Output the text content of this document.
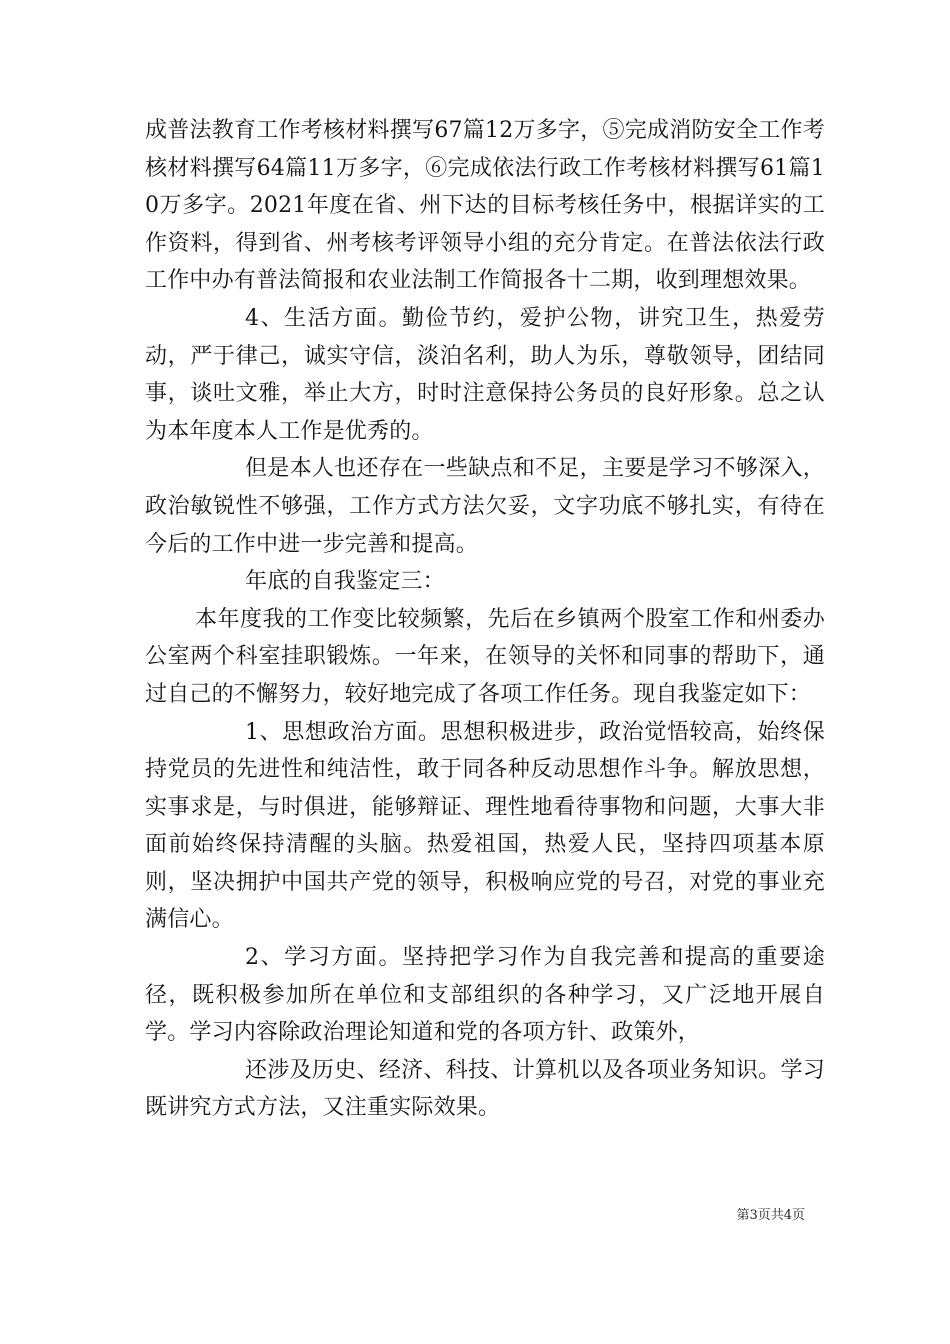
成普法教育工作考核材料撰写67篇12万多字，⑤完成消防安全工作考核材料撰写64篇11万多字，⑥完成依法行政工作考核材料撰写61篇10万多字。2021年度在省、州下达的目标考核任务中，根据详实的工作资料，得到省、州考核考评领导小组的充分肯定。在普法依法行政工作中办有普法简报和农业法制工作简报各十二期，收到理想效果。

4、生活方面。勤俭节约，爱护公物，讲究卫生，热爱劳动，严于律己，诚实守信，淡泊名利，助人为乐，尊敬领导，团结同事，谈吐文雅，举止大方，时时注意保持公务员的良好形象。总之认为本年度本人工作是优秀的。

但是本人也还存在一些缺点和不足，主要是学习不够深入，政治敏锐性不够强，工作方式方法欠妥，文字功底不够扎实，有待在今后的工作中进一步完善和提高。

年底的自我鉴定三：

本年度我的工作变比较频繁，先后在乡镇两个股室工作和州委办公室两个科室挂职锻炼。一年来，在领导的关怀和同事的帮助下，通过自己的不懈努力，较好地完成了各项工作任务。现自我鉴定如下：

1、思想政治方面。思想积极进步，政治觉悟较高，始终保持党员的先进性和纯洁性，敢于同各种反动思想作斗争。解放思想，实事求是，与时俱进，能够辩证、理性地看待事物和问题，大事大非面前始终保持清醒的头脑。热爱祖国，热爱人民，坚持四项基本原则，坚决拥护中国共产党的领导，积极响应党的号召，对党的事业充满信心。

2、学习方面。坚持把学习作为自我完善和提高的重要途径，既积极参加所在单位和支部组织的各种学习，又广泛地开展自学。学习内容除政治理论知道和党的各项方针、政策外，

还涉及历史、经济、科技、计算机以及各项业务知识。学习既讲究方式方法，又注重实际效果。

第3页共4页
